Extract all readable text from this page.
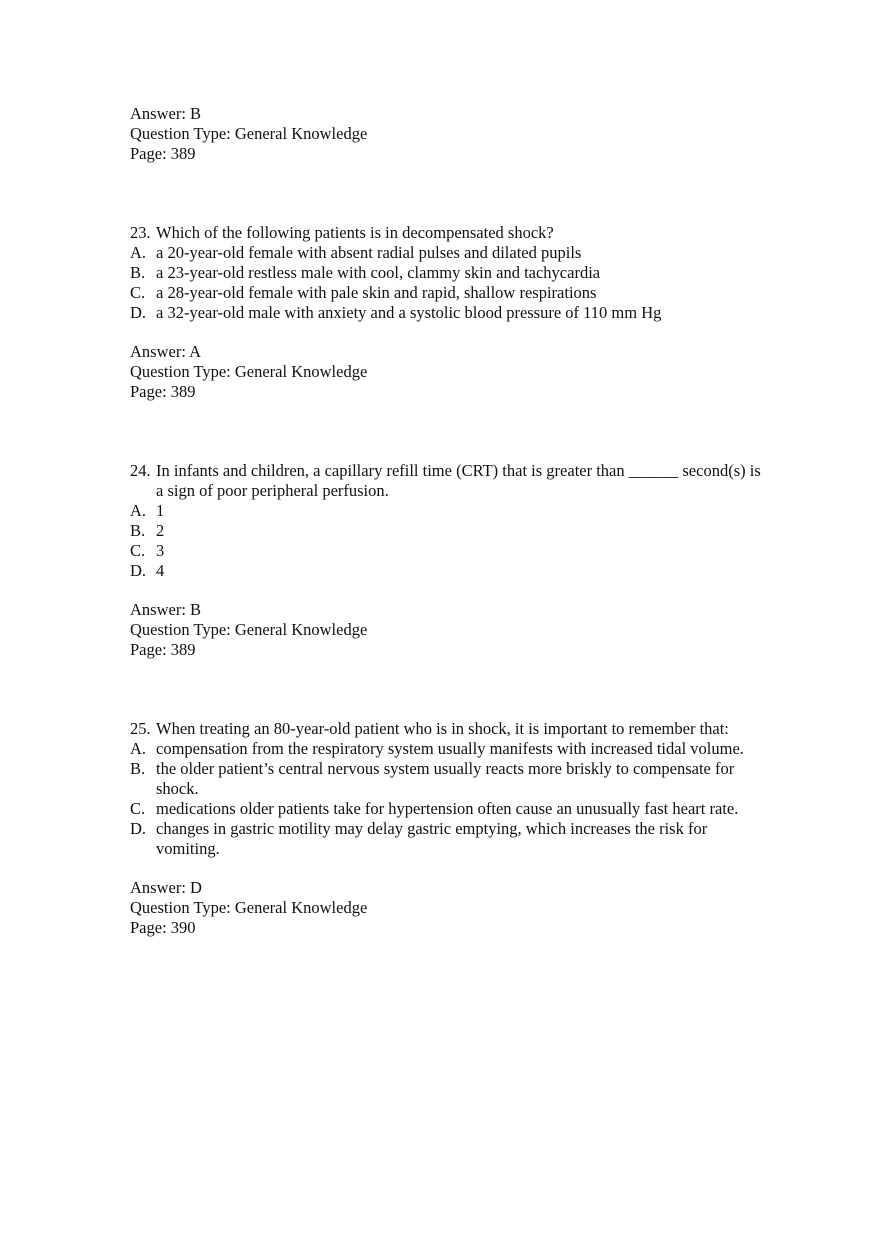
Answer: B
Question Type: General Knowledge
Page: 389
23. Which of the following patients is in decompensated shock?
A. a 20-year-old female with absent radial pulses and dilated pupils
B. a 23-year-old restless male with cool, clammy skin and tachycardia
C. a 28-year-old female with pale skin and rapid, shallow respirations
D. a 32-year-old male with anxiety and a systolic blood pressure of 110 mm Hg
Answer: A
Question Type: General Knowledge
Page: 389
24. In infants and children, a capillary refill time (CRT) that is greater than ______ second(s) is a sign of poor peripheral perfusion.
A. 1
B. 2
C. 3
D. 4
Answer: B
Question Type: General Knowledge
Page: 389
25. When treating an 80-year-old patient who is in shock, it is important to remember that:
A. compensation from the respiratory system usually manifests with increased tidal volume.
B. the older patient’s central nervous system usually reacts more briskly to compensate for shock.
C. medications older patients take for hypertension often cause an unusually fast heart rate.
D. changes in gastric motility may delay gastric emptying, which increases the risk for vomiting.
Answer: D
Question Type: General Knowledge
Page: 390
